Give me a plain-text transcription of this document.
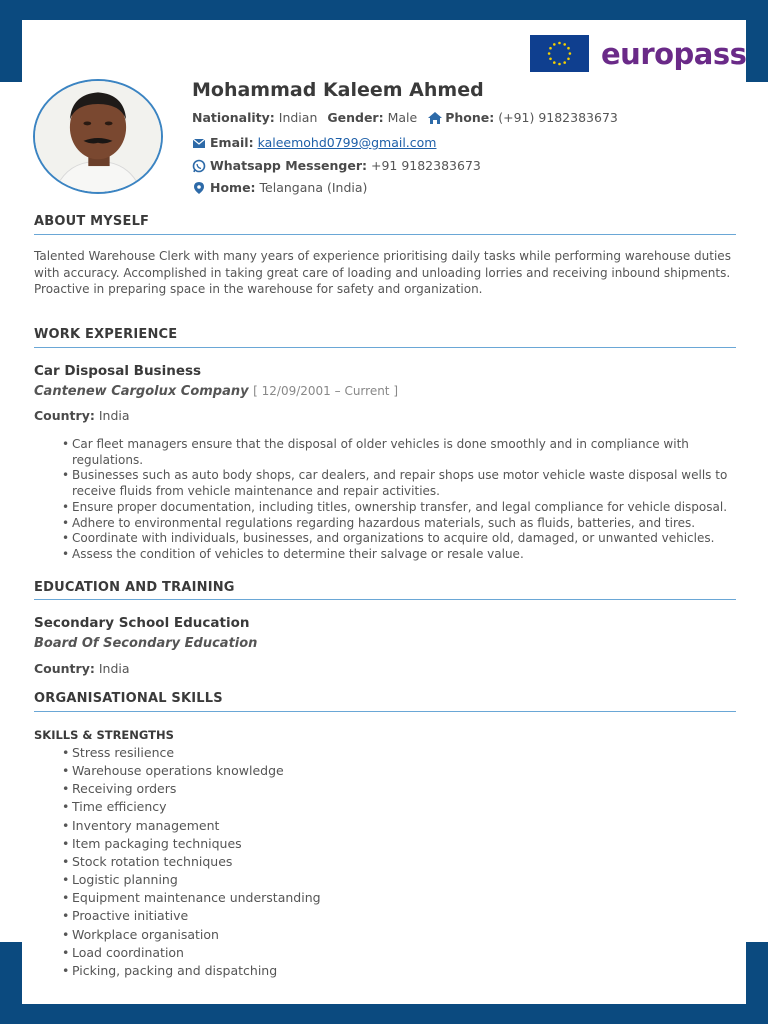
europass
Mohammad Kaleem Ahmed
Nationality:
Indian Gender:
Male Phone:
(+91) 9182383673
Email:
kaleemohd0799@gmail.com
Whatsapp Messenger:
+91 9182383673
Home:
Telangana (India)
ABOUT MYSELF
Talented Warehouse Clerk with many years of experience prioritising daily tasks while performing warehouse duties with accuracy. Accomplished in taking great care of loading and unloading lorries and receiving inbound shipments. Proactive in preparing space in the warehouse for safety and organization.
WORK EXPERIENCE
Car Disposal Business
Cantenew Cargolux Company [ 12/09/2001 – Current ]
Country: India
• Car fleet managers ensure that the disposal of older vehicles is done smoothly and in compliance with regulations.
• Businesses such as auto body shops, car dealers, and repair shops use motor vehicle waste disposal wells to receive fluids from vehicle maintenance and repair activities.
• Ensure proper documentation, including titles, ownership transfer, and legal compliance for vehicle disposal.
• Adhere to environmental regulations regarding hazardous materials, such as fluids, batteries, and tires.
• Coordinate with individuals, businesses, and organizations to acquire old, damaged, or unwanted vehicles.
• Assess the condition of vehicles to determine their salvage or resale value.
EDUCATION AND TRAINING
Secondary School Education
Board Of Secondary Education
Country: India
ORGANISATIONAL SKILLS
SKILLS & STRENGTHS
• Stress resilience
• Warehouse operations knowledge
• Receiving orders
• Time efficiency
• Inventory management
• Item packaging techniques
• Stock rotation techniques
• Logistic planning
• Equipment maintenance understanding
• Proactive initiative
• Workplace organisation
• Load coordination
• Picking, packing and dispatching
